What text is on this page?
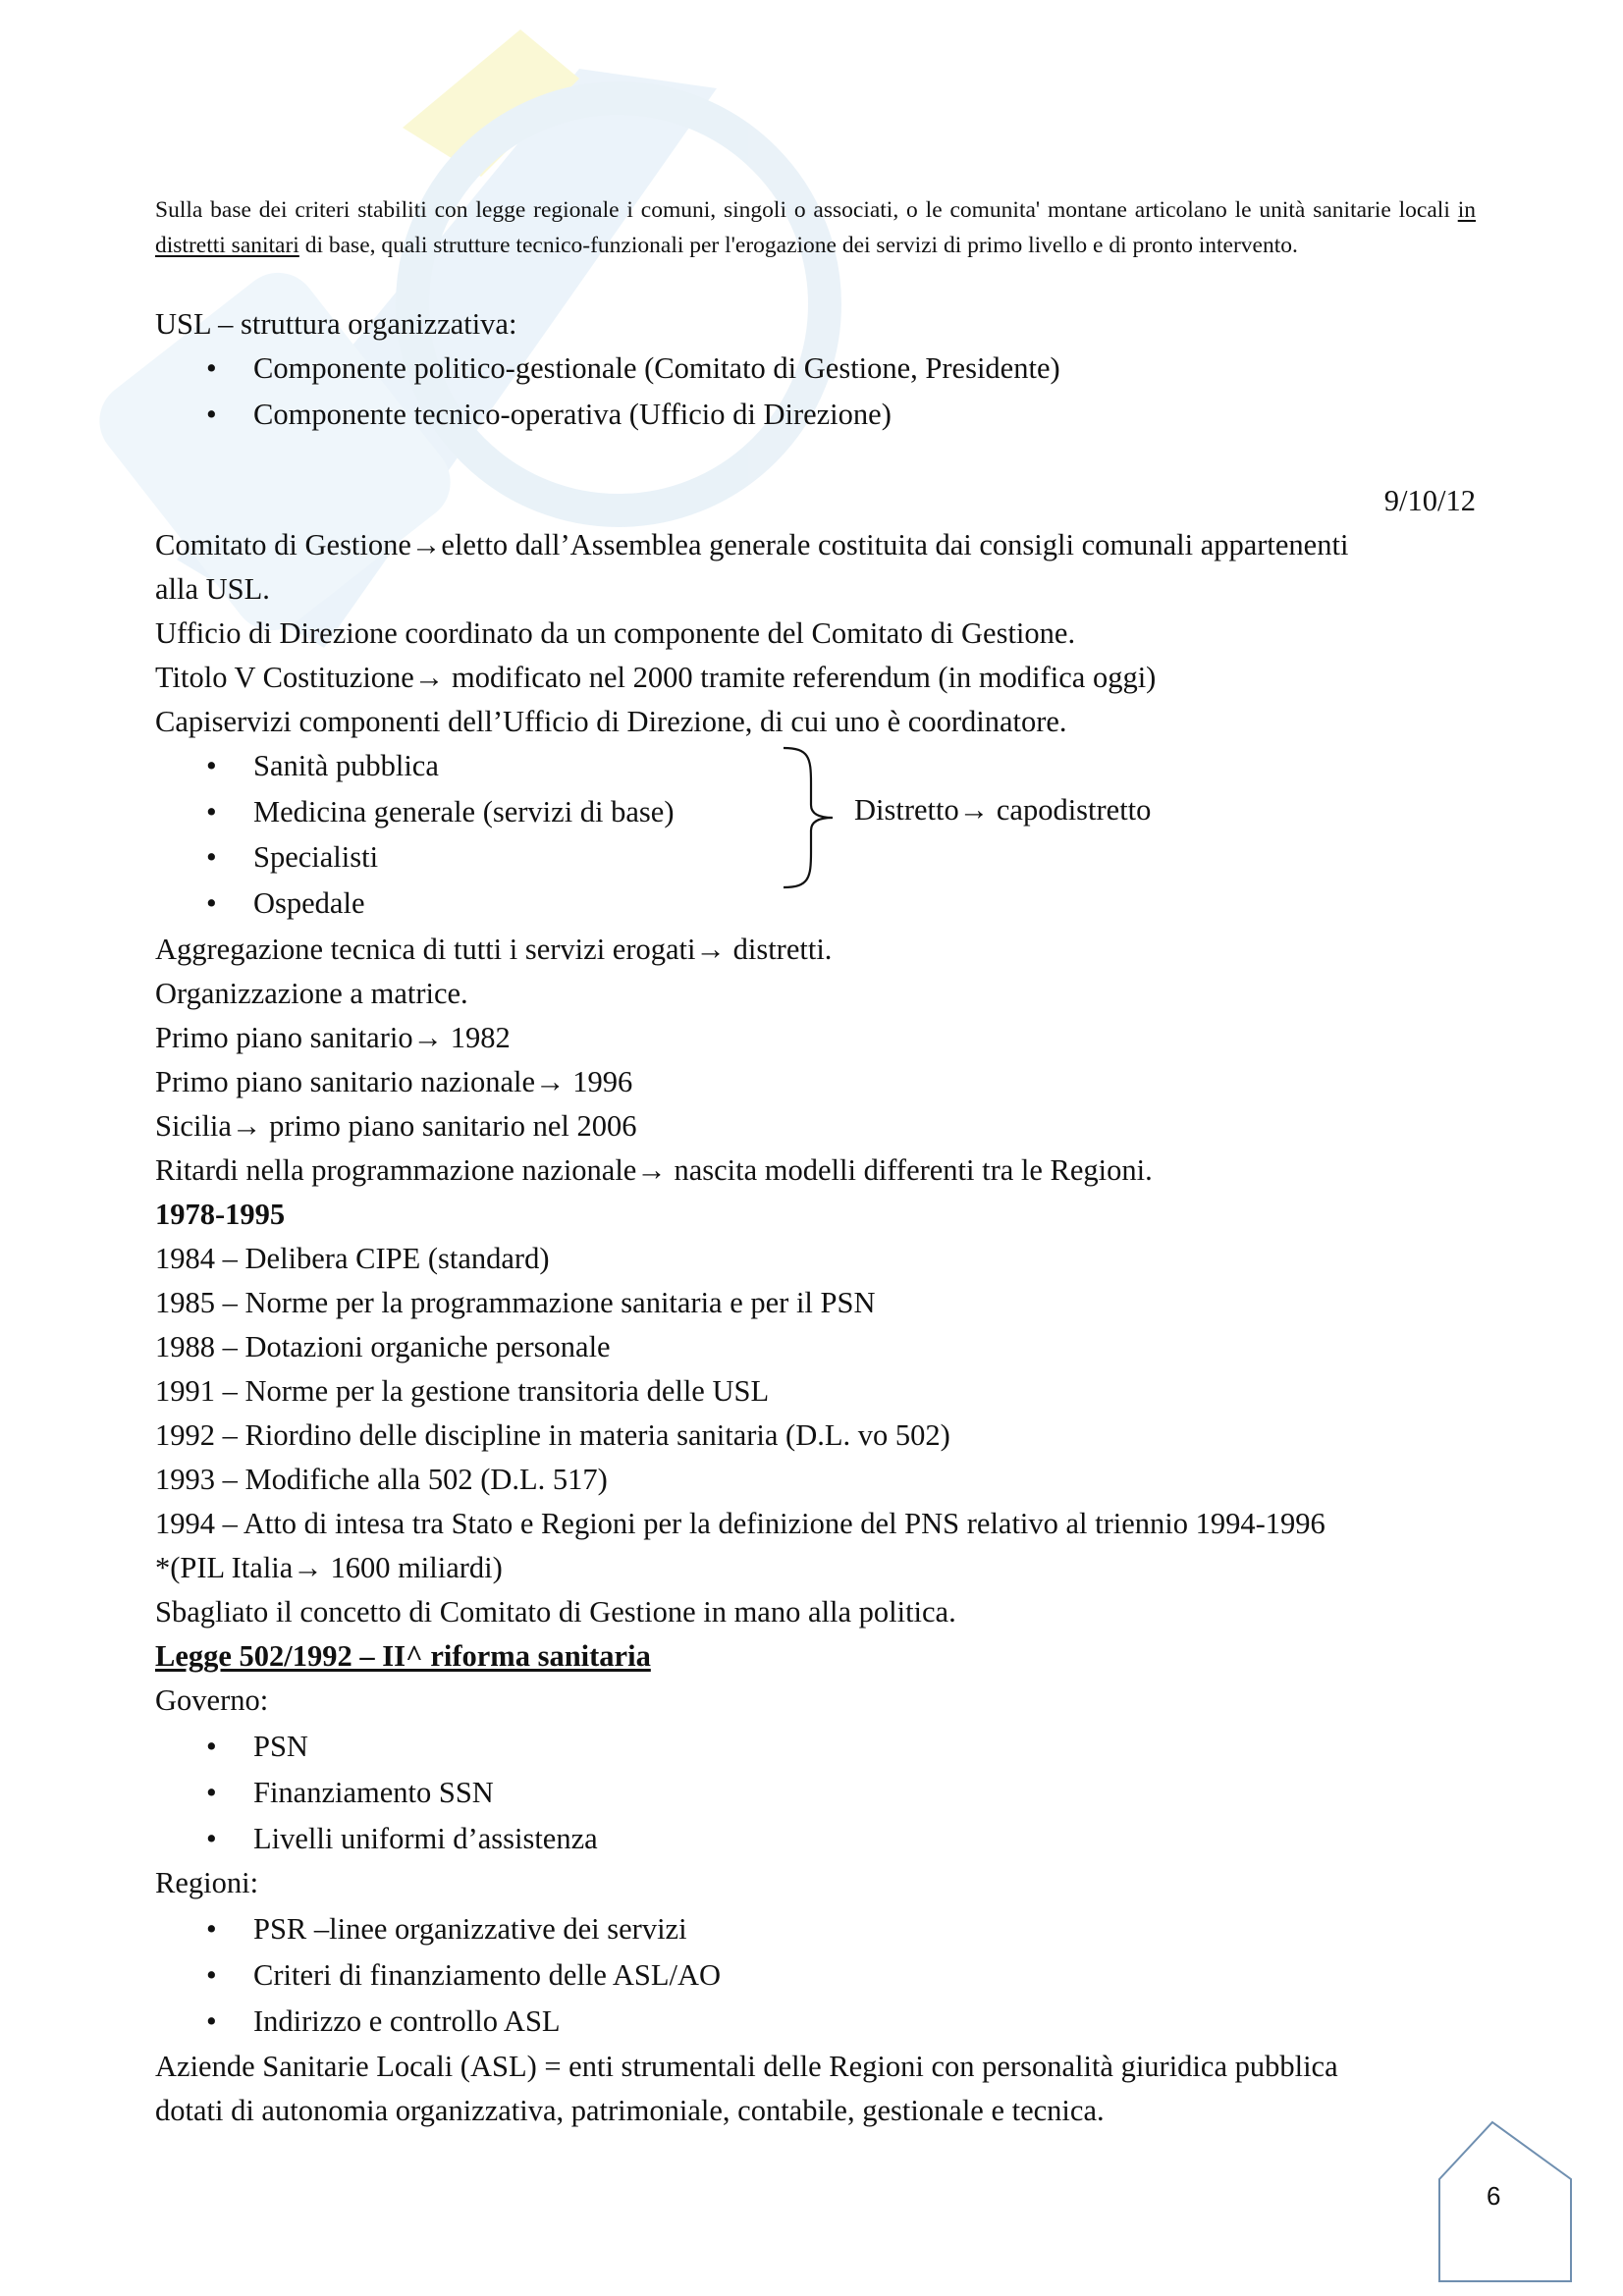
Sulla base dei criteri stabiliti con legge regionale i comuni, singoli o associati, o le comunita' montane articolano le unità sanitarie locali in distretti sanitari di base, quali strutture tecnico-funzionali per l'erogazione dei servizi di primo livello e di pronto intervento.

USL – struttura organizzativa:

• Componente politico-gestionale (Comitato di Gestione, Presidente)
• Componente tecnico-operativa (Ufficio di Direzione)
9/10/12

Comitato di Gestione→eletto dall’Assemblea generale costituita dai consigli comunali appartenenti

alla USL.

Ufficio di Direzione coordinato da un componente del Comitato di Gestione.

Titolo V Costituzione→ modificato nel 2000 tramite referendum (in modifica oggi)

Capiservizi componenti dell’Ufficio di Direzione, di cui uno è coordinatore.

• Sanità pubblica
• Medicina generale (servizi di base)
• Specialisti
• Ospedale
Distretto→ capodistretto

Aggregazione tecnica di tutti i servizi erogati→ distretti.

Organizzazione a matrice.

Primo piano sanitario→ 1982

Primo piano sanitario nazionale→ 1996

Sicilia→ primo piano sanitario nel 2006

Ritardi nella programmazione nazionale→ nascita modelli differenti tra le Regioni.

1978-1995

1984 – Delibera CIPE (standard)

1985 – Norme per la programmazione sanitaria e per il PSN

1988 – Dotazioni organiche personale

1991 – Norme per la gestione transitoria delle USL

1992 – Riordino delle discipline in materia sanitaria (D.L. vo 502)

1993 – Modifiche alla 502 (D.L. 517)

1994 – Atto di intesa tra Stato e Regioni per la definizione del PNS relativo al triennio 1994-1996

*(PIL Italia→ 1600 miliardi)

Sbagliato il concetto di Comitato di Gestione in mano alla politica.

Legge 502/1992 – II^ riforma sanitaria

Governo:

• PSN
• Finanziamento SSN
• Livelli uniformi d’assistenza

Regioni:

• PSR –linee organizzative dei servizi
• Criteri di finanziamento delle ASL/AO
• Indirizzo e controllo ASL

Aziende Sanitarie Locali (ASL) = enti strumentali delle Regioni con personalità giuridica pubblica

dotati di autonomia organizzativa, patrimoniale, contabile, gestionale e tecnica.

6
